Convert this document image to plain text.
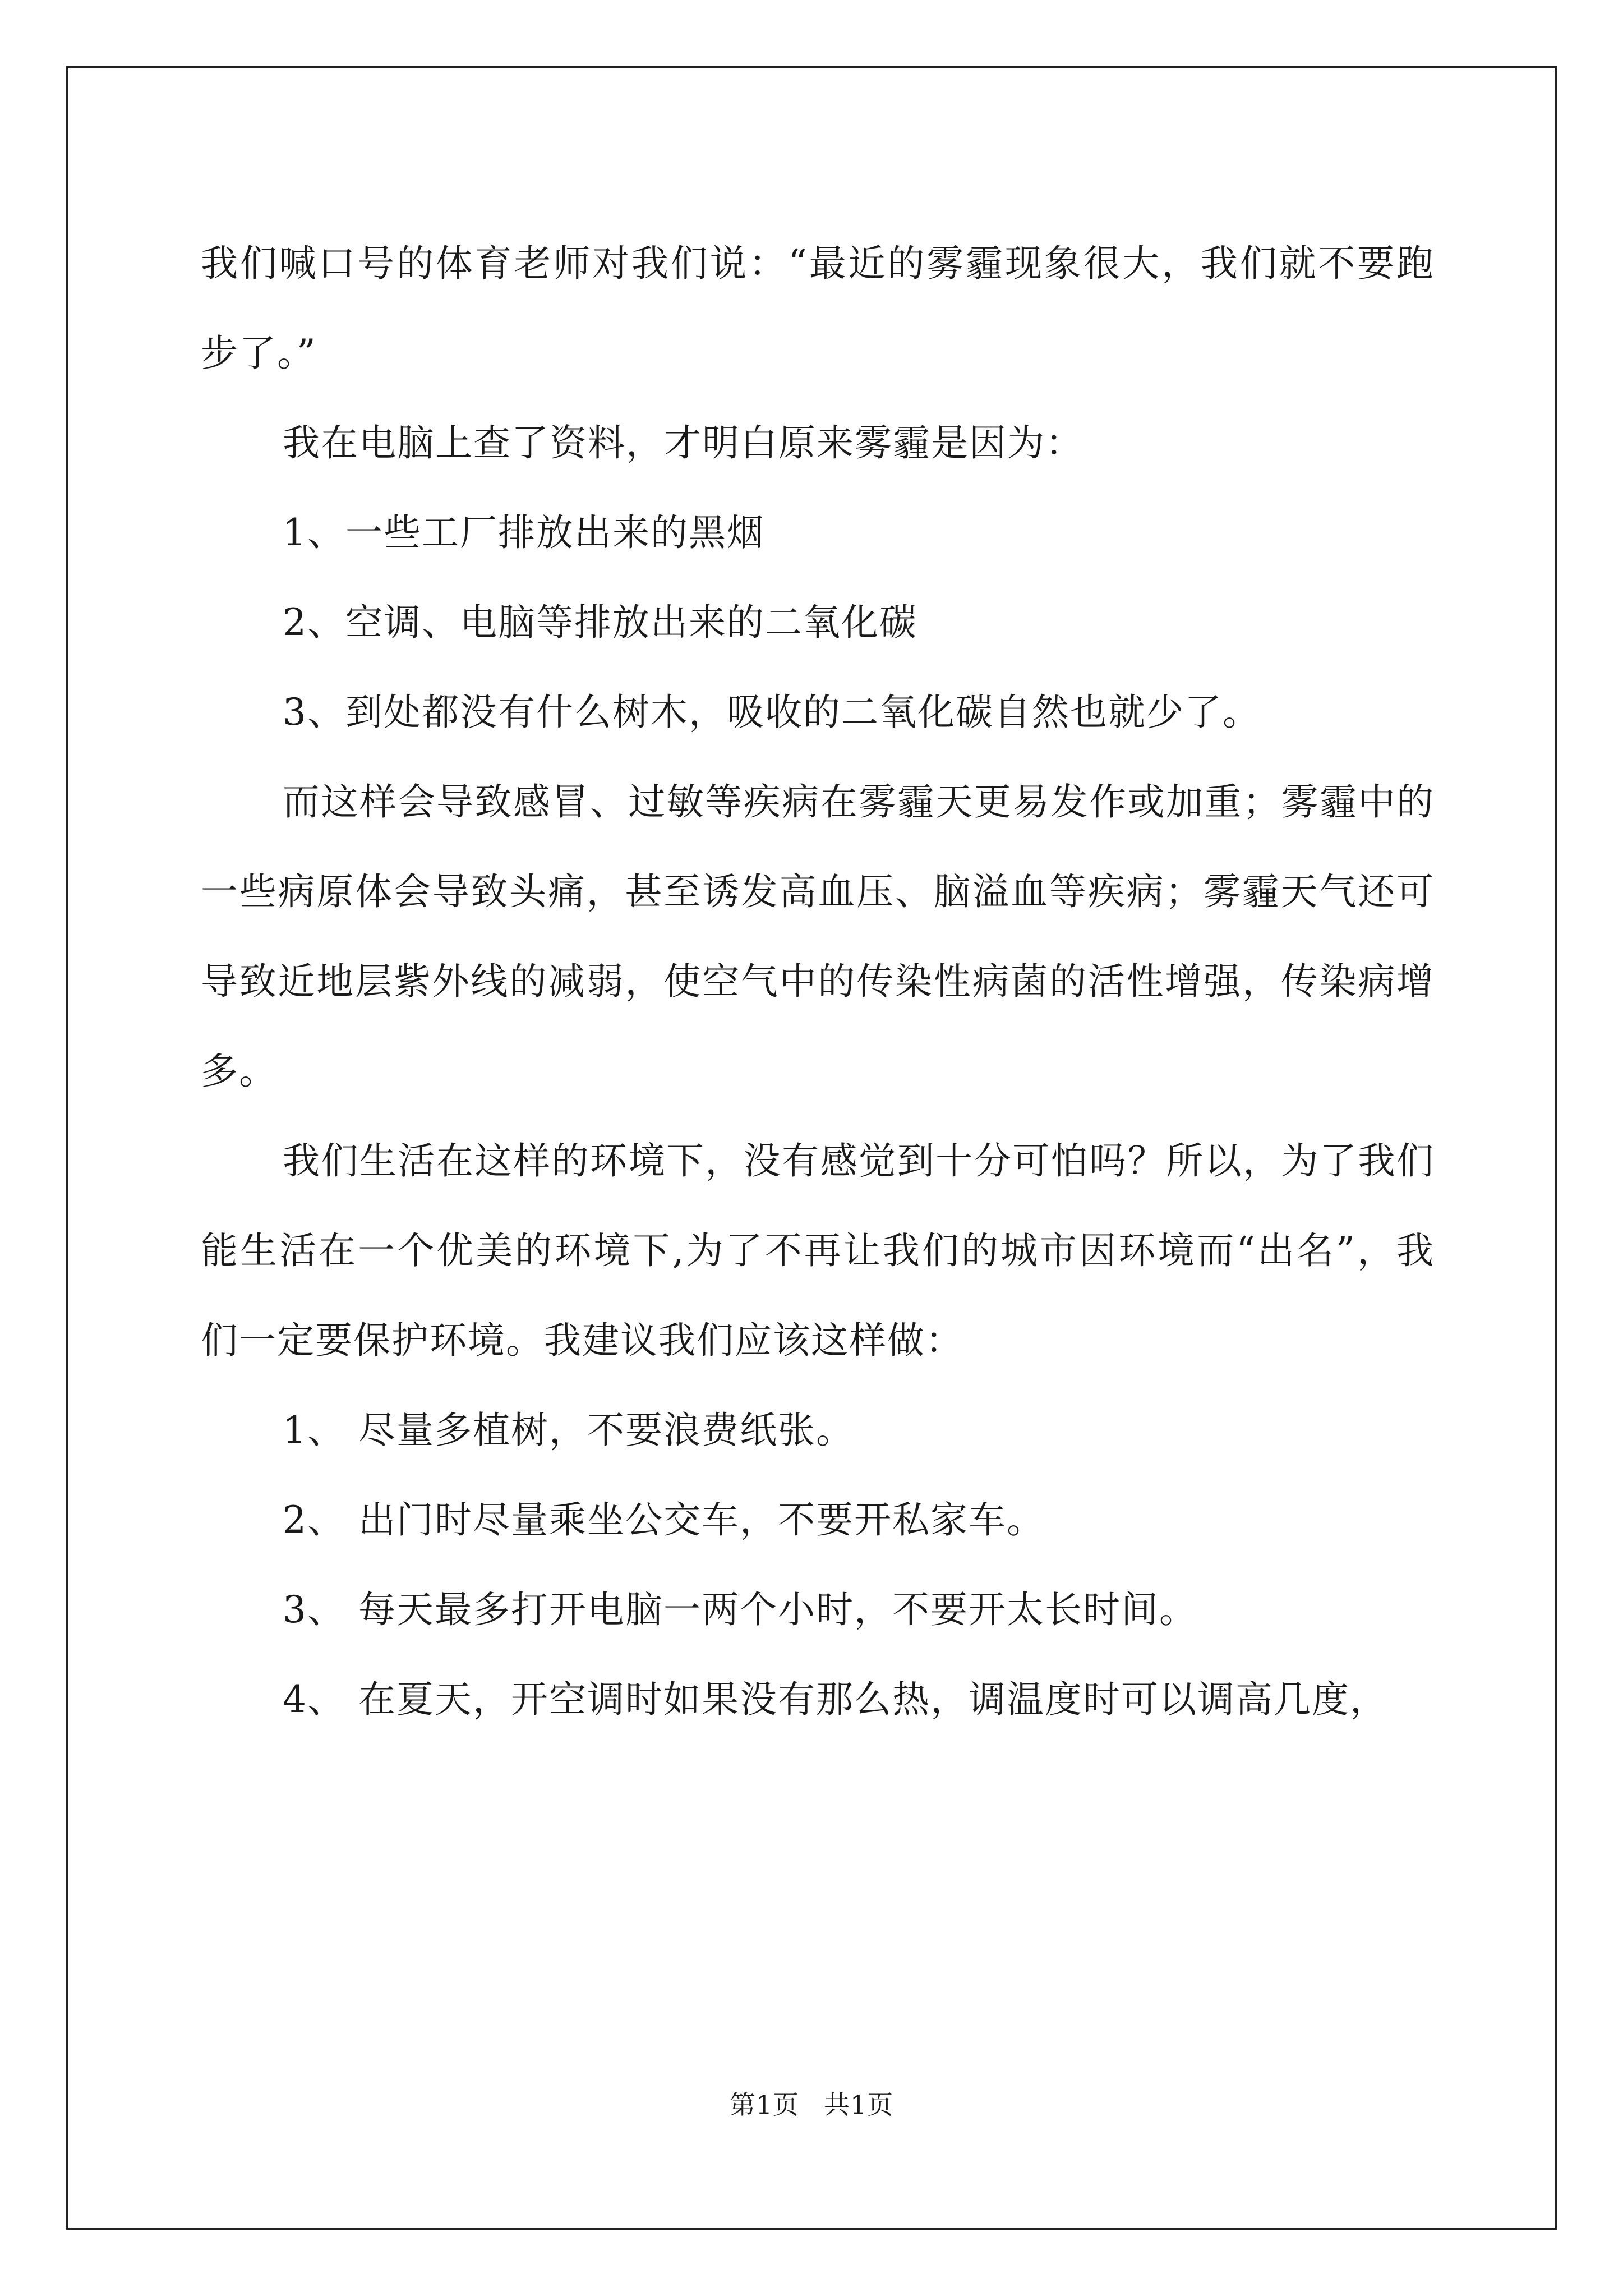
我们喊口号的体育老师对我们说：“最近的雾霾现象很大，我们就不要跑步了。”

我在电脑上查了资料，才明白原来雾霾是因为：

1、一些工厂排放出来的黑烟

2、空调、电脑等排放出来的二氧化碳

3、到处都没有什么树木，吸收的二氧化碳自然也就少了。

而这样会导致感冒、过敏等疾病在雾霾天更易发作或加重；雾霾中的一些病原体会导致头痛，甚至诱发高血压、脑溢血等疾病；雾霾天气还可导致近地层紫外线的减弱，使空气中的传染性病菌的活性增强，传染病增多。

我们生活在这样的环境下，没有感觉到十分可怕吗？所以，为了我们能生活在一个优美的环境下,为了不再让我们的城市因环境而“出名”，我们一定要保护环境。我建议我们应该这样做：

1、 尽量多植树，不要浪费纸张。

2、 出门时尽量乘坐公交车，不要开私家车。

3、 每天最多打开电脑一两个小时，不要开太长时间。

4、 在夏天，开空调时如果没有那么热，调温度时可以调高几度，

第1页 共1页
